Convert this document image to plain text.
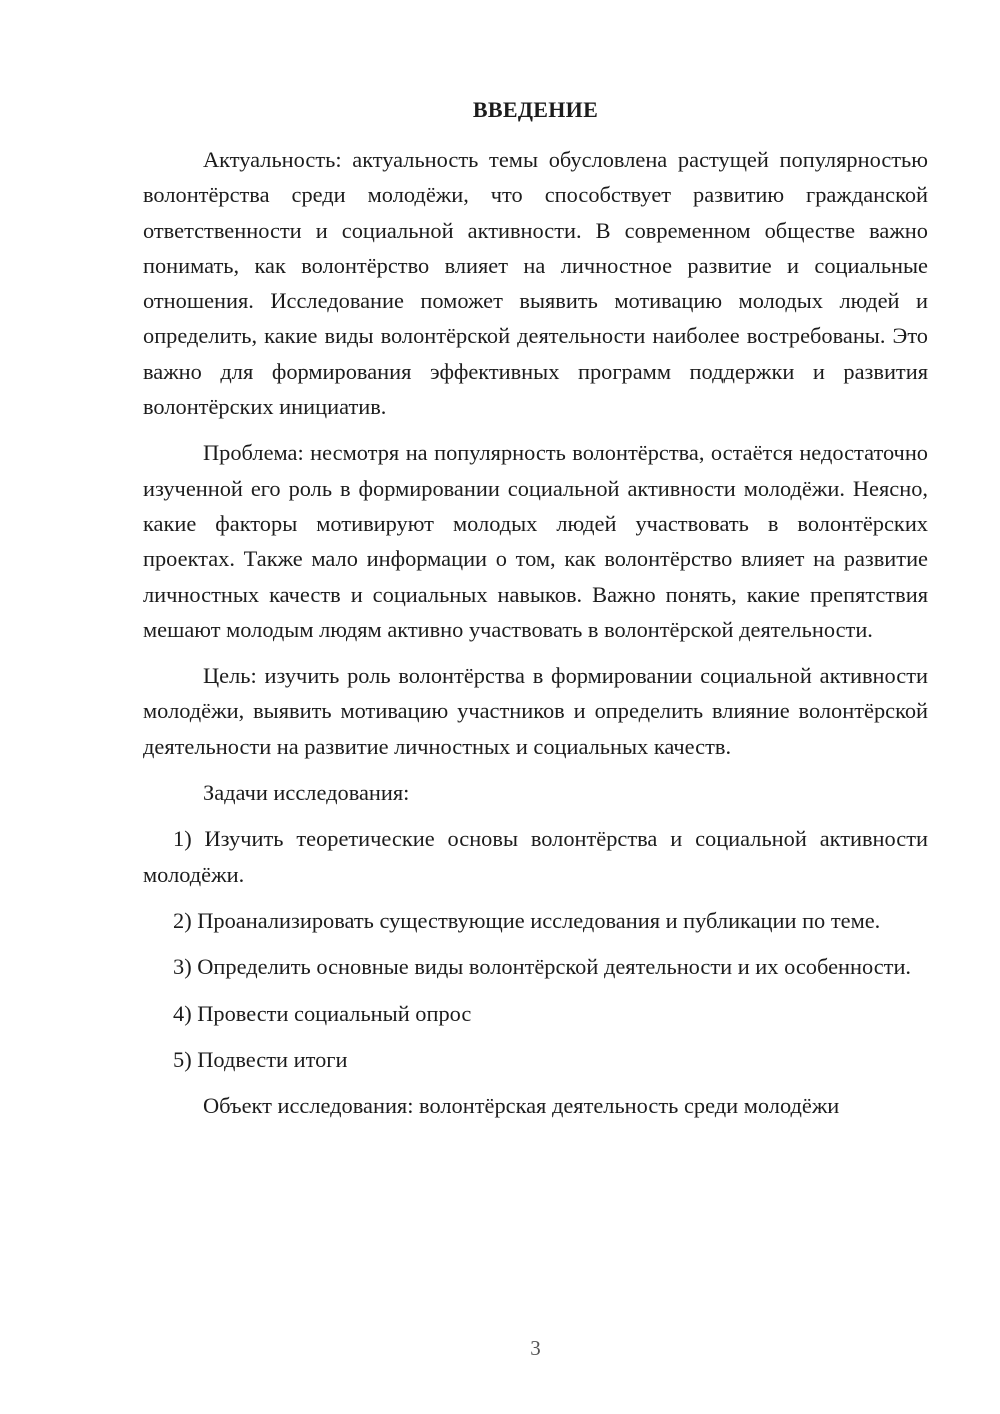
ВВЕДЕНИЕ

Актуальность: актуальность темы обусловлена растущей популярностью волонтёрства среди молодёжи, что способствует развитию гражданской ответственности и социальной активности. В современном обществе важно понимать, как волонтёрство влияет на личностное развитие и социальные отношения. Исследование поможет выявить мотивацию молодых людей и определить, какие виды волонтёрской деятельности наиболее востребованы. Это важно для формирования эффективных программ поддержки и развития волонтёрских инициатив.

Проблема: несмотря на популярность волонтёрства, остаётся недостаточно изученной его роль в формировании социальной активности молодёжи. Неясно, какие факторы мотивируют молодых людей участвовать в волонтёрских проектах. Также мало информации о том, как волонтёрство влияет на развитие личностных качеств и социальных навыков. Важно понять, какие препятствия мешают молодым людям активно участвовать в волонтёрской деятельности.

Цель: изучить роль волонтёрства в формировании социальной активности молодёжи, выявить мотивацию участников и определить влияние волонтёрской деятельности на развитие личностных и социальных качеств.

Задачи исследования:

1) Изучить теоретические основы волонтёрства и социальной активности молодёжи.

2) Проанализировать существующие исследования и публикации по теме.

3) Определить основные виды волонтёрской деятельности и их особенности.

4) Провести социальный опрос

5) Подвести итоги

Объект исследования: волонтёрская деятельность среди молодёжи

3
